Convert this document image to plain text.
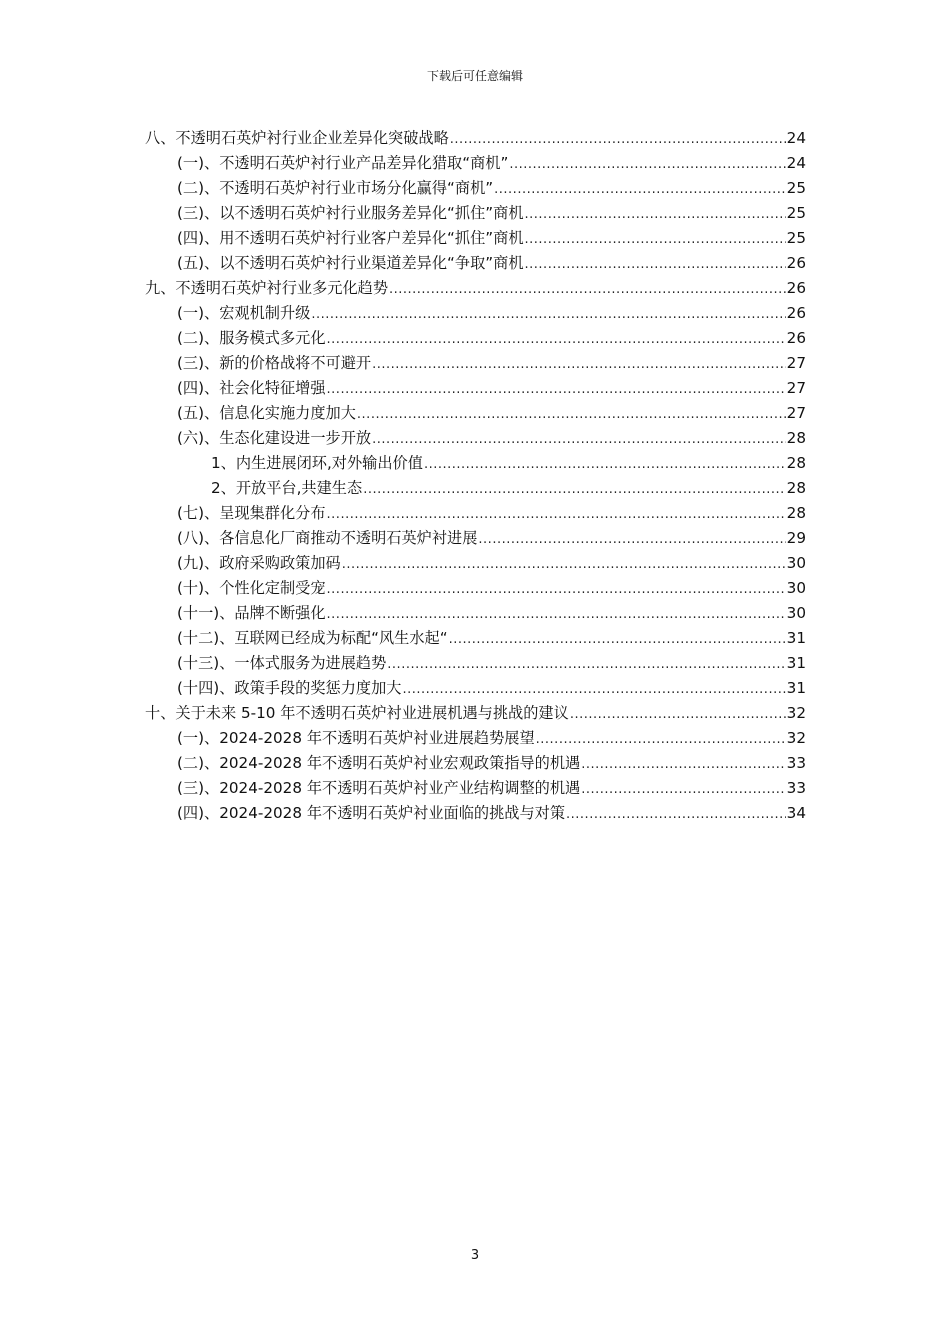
下载后可任意编辑
八、不透明石英炉衬行业企业差异化突破战略 .....	24
(一)、不透明石英炉衬行业产品差异化猎取“商机” .....	24
(二)、不透明石英炉衬行业市场分化赢得“商机” .....	25
(三)、以不透明石英炉衬行业服务差异化“抓住”商机 .....	25
(四)、用不透明石英炉衬行业客户差异化“抓住”商机 .....	25
(五)、以不透明石英炉衬行业渠道差异化“争取”商机 .....	26
九、不透明石英炉衬行业多元化趋势 .....	26
(一)、宏观机制升级 .....	26
(二)、服务模式多元化 .....	26
(三)、新的价格战将不可避开 .....	27
(四)、社会化特征增强 .....	27
(五)、信息化实施力度加大 .....	27
(六)、生态化建设进一步开放 .....	28
1、内生进展闭环,对外输出价值 .....	28
2、开放平台,共建生态 .....	28
(七)、呈现集群化分布 .....	28
(八)、各信息化厂商推动不透明石英炉衬进展 .....	29
(九)、政府采购政策加码 .....	30
(十)、个性化定制受宠 .....	30
(十一)、品牌不断强化 .....	30
(十二)、互联网已经成为标配“风生水起“ .....	31
(十三)、一体式服务为进展趋势 .....	31
(十四)、政策手段的奖惩力度加大 .....	31
十、关于未来 5-10 年不透明石英炉衬业进展机遇与挑战的建议 .....	32
(一)、2024-2028 年不透明石英炉衬业进展趋势展望 .....	32
(二)、2024-2028 年不透明石英炉衬业宏观政策指导的机遇 .....	33
(三)、2024-2028 年不透明石英炉衬业产业结构调整的机遇 .....	33
(四)、2024-2028 年不透明石英炉衬业面临的挑战与对策 .....	34
3
